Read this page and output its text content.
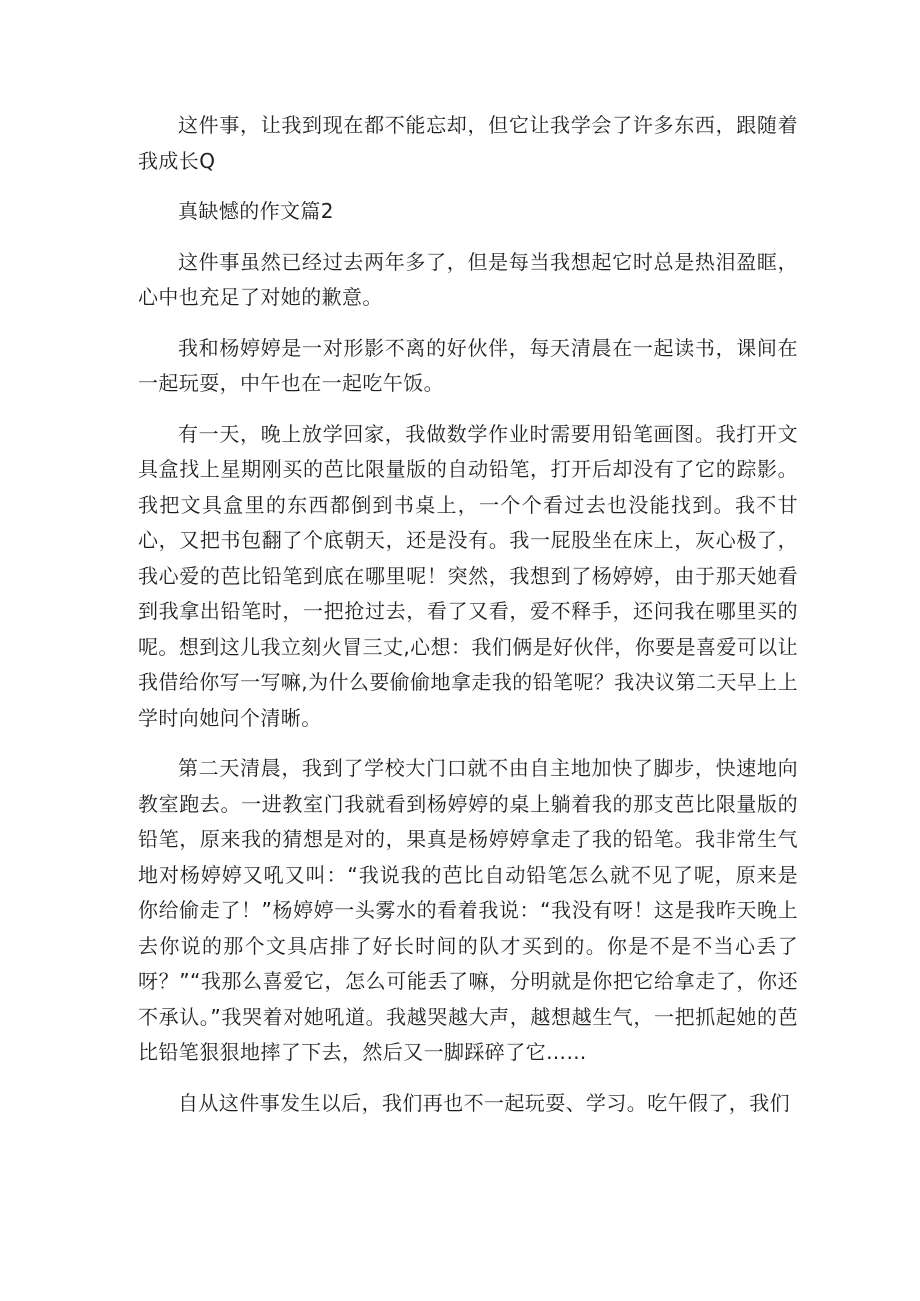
这件事，让我到现在都不能忘却，但它让我学会了许多东西，跟随着我成长Q

真缺憾的作文篇2

这件事虽然已经过去两年多了，但是每当我想起它时总是热泪盈眶，心中也充足了对她的歉意。

我和杨婷婷是一对形影不离的好伙伴，每天清晨在一起读书，课间在一起玩耍，中午也在一起吃午饭。

有一天，晚上放学回家，我做数学作业时需要用铅笔画图。我打开文具盒找上星期刚买的芭比限量版的自动铅笔，打开后却没有了它的踪影。我把文具盒里的东西都倒到书桌上，一个个看过去也没能找到。我不甘心，又把书包翻了个底朝天，还是没有。我一屁股坐在床上，灰心极了，我心爱的芭比铅笔到底在哪里呢！突然，我想到了杨婷婷，由于那天她看到我拿出铅笔时，一把抢过去，看了又看，爱不释手，还问我在哪里买的呢。想到这儿我立刻火冒三丈,心想：我们俩是好伙伴，你要是喜爱可以让我借给你写一写嘛,为什么要偷偷地拿走我的铅笔呢？我决议第二天早上上学时向她问个清晰。

第二天清晨，我到了学校大门口就不由自主地加快了脚步，快速地向教室跑去。一进教室门我就看到杨婷婷的桌上躺着我的那支芭比限量版的铅笔，原来我的猜想是对的，果真是杨婷婷拿走了我的铅笔。我非常生气地对杨婷婷又吼又叫：“我说我的芭比自动铅笔怎么就不见了呢，原来是你给偷走了！”杨婷婷一头雾水的看着我说：“我没有呀！这是我昨天晚上去你说的那个文具店排了好长时间的队才买到的。你是不是不当心丢了呀？”“我那么喜爱它，怎么可能丢了嘛，分明就是你把它给拿走了，你还不承认。”我哭着对她吼道。我越哭越大声，越想越生气，一把抓起她的芭比铅笔狠狠地摔了下去，然后又一脚踩碎了它……

自从这件事发生以后，我们再也不一起玩耍、学习。吃午假了，我们
